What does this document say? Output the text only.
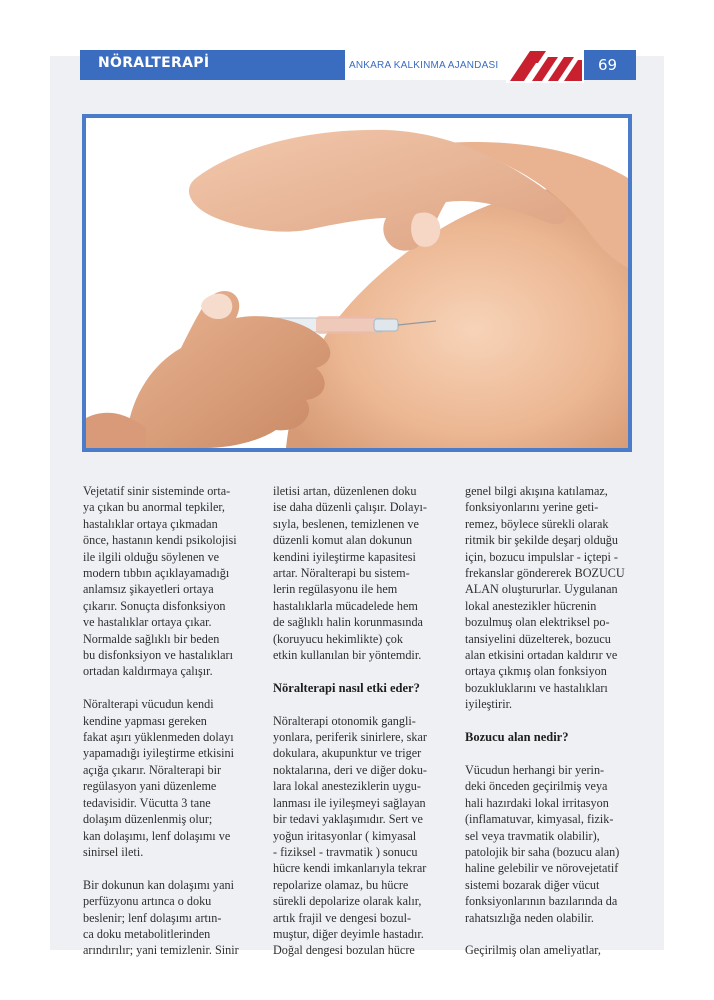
NÖRALTERAPİ	ANKARA KALKINMA AJANDASI	69

Vejetatif sinir sisteminde orta-
ya çıkan bu anormal tepkiler,
hastalıklar ortaya çıkmadan
önce, hastanın kendi psikolojisi
ile ilgili olduğu söylenen ve
modern tıbbın açıklayamadığı
anlamsız şikayetleri ortaya
çıkarır. Sonuçta disfonksiyon
ve hastalıklar ortaya çıkar.
Normalde sağlıklı bir beden
bu disfonksiyon ve hastalıkları
ortadan kaldırmaya çalışır.

Nöralterapi vücudun kendi
kendine yapması gereken
fakat aşırı yüklenmeden dolayı
yapamadığı iyileştirme etkisini
açığa çıkarır. Nöralterapi bir
regülasyon yani düzenleme
tedavisidir. Vücutta 3 tane
dolaşım düzenlenmiş olur;
kan dolaşımı, lenf dolaşımı ve
sinirsel ileti.

Bir dokunun kan dolaşımı yani
perfüzyonu artınca o doku
beslenir; lenf dolaşımı artın-
ca doku metabolitlerinden
arındırılır; yani temizlenir. Sinir

iletisi artan, düzenlenen doku
ise daha düzenli çalışır. Dolayı-
sıyla, beslenen, temizlenen ve
düzenli komut alan dokunun
kendini iyileştirme kapasitesi
artar. Nöralterapi bu sistem-
lerin regülasyonu ile hem
hastalıklarla mücadelede hem
de sağlıklı halin korunmasında
(koruyucu hekimlikte) çok
etkin kullanılan bir yöntemdir.

Nöralterapi nasıl etki eder?

Nöralterapi otonomik gangli-
yonlara, periferik sinirlere, skar
dokulara, akupunktur ve triger
noktalarına, deri ve diğer doku-
lara lokal anesteziklerin uygu-
lanması ile iyileşmeyi sağlayan
bir tedavi yaklaşımıdır. Sert ve
yoğun iritasyonlar ( kimyasal
- fiziksel - travmatik ) sonucu
hücre kendi imkanlarıyla tekrar
repolarize olamaz, bu hücre
sürekli depolarize olarak kalır,
artık frajil ve dengesi bozul-
muştur, diğer deyimle hastadır.
Doğal dengesi bozulan hücre

genel bilgi akışına katılamaz,
fonksiyonlarını yerine geti-
remez, böylece sürekli olarak
ritmik bir şekilde deşarj olduğu
için, bozucu impulslar - içtepi -
frekanslar göndererek BOZUCU
ALAN oluştururlar. Uygulanan
lokal anestezikler hücrenin
bozulmuş olan elektriksel po-
tansiyelini düzelterek, bozucu
alan etkisini ortadan kaldırır ve
ortaya çıkmış olan fonksiyon
bozukluklarını ve hastalıkları
iyileştirir.

Bozucu alan nedir?

Vücudun herhangi bir yerin-
deki önceden geçirilmiş veya
hali hazırdaki lokal irritasyon
(inflamatuvar, kimyasal, fizik-
sel veya travmatik olabilir),
patolojik bir saha (bozucu alan)
haline gelebilir ve nörovejetatif
sistemi bozarak diğer vücut
fonksiyonlarının bazılarında da
rahatsızlığa neden olabilir.

Geçirilmiş olan ameliyatlar,
